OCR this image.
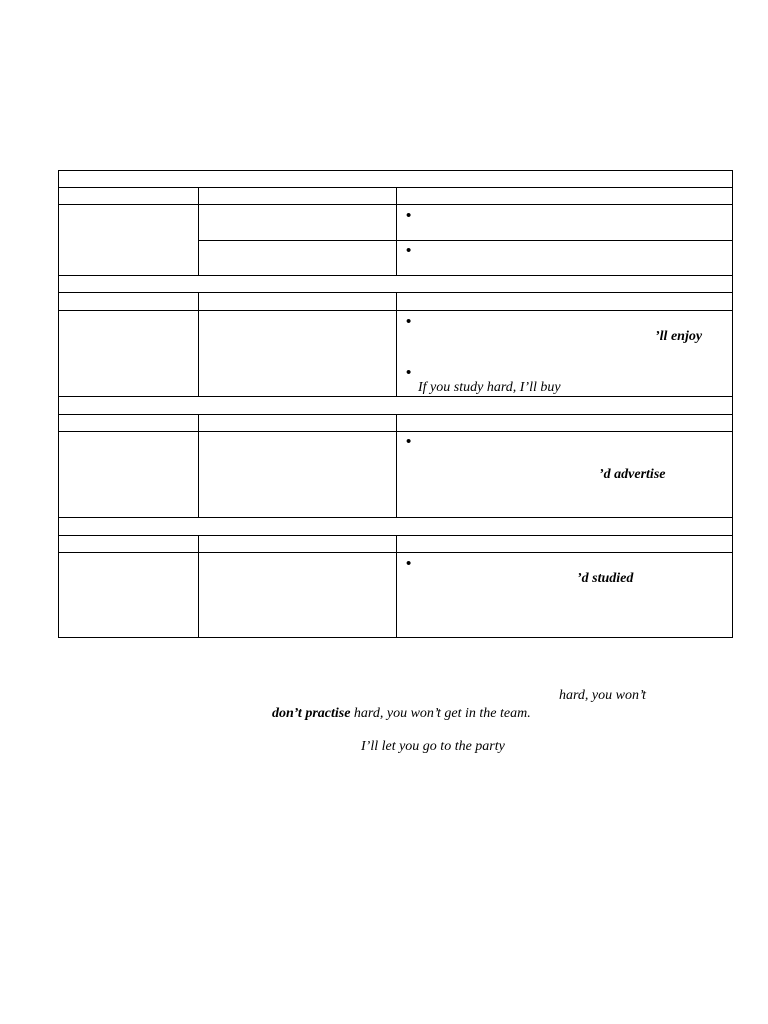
•
•
•
•
•
•
’ll enjoy
If you study hard, I’ll buy
’d advertise
’d studied
hard, you won’t
don’t practise hard, you won’t get in the team.
I’ll let you go to the party
